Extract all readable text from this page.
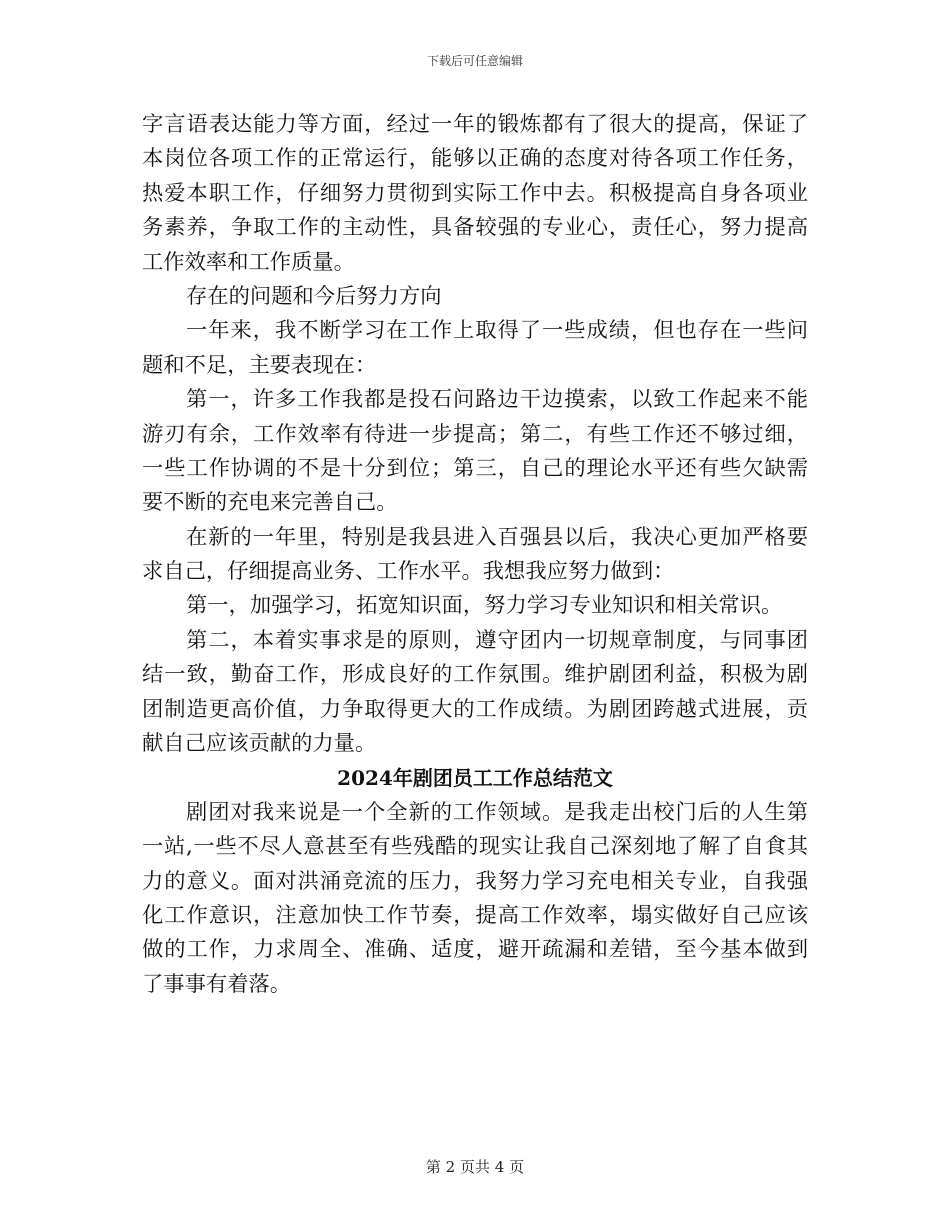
下载后可任意编辑
字言语表达能力等方面，经过一年的锻炼都有了很大的提高，保证了
本岗位各项工作的正常运行，能够以正确的态度对待各项工作任务，
热爱本职工作，仔细努力贯彻到实际工作中去。积极提高自身各项业
务素养，争取工作的主动性，具备较强的专业心，责任心，努力提高
工作效率和工作质量。
存在的问题和今后努力方向
一年来，我不断学习在工作上取得了一些成绩，但也存在一些问
题和不足，主要表现在：
第一，许多工作我都是投石问路边干边摸索，以致工作起来不能
游刃有余，工作效率有待进一步提高；第二，有些工作还不够过细，
一些工作协调的不是十分到位；第三，自己的理论水平还有些欠缺需
要不断的充电来完善自己。
在新的一年里，特别是我县进入百强县以后，我决心更加严格要
求自己，仔细提高业务、工作水平。我想我应努力做到：
第一，加强学习，拓宽知识面，努力学习专业知识和相关常识。
第二，本着实事求是的原则，遵守团内一切规章制度，与同事团
结一致，勤奋工作，形成良好的工作氛围。维护剧团利益，积极为剧
团制造更高价值，力争取得更大的工作成绩。为剧团跨越式进展，贡
献自己应该贡献的力量。
2024年剧团员工工作总结范文
剧团对我来说是一个全新的工作领域。是我走出校门后的人生第
一站,一些不尽人意甚至有些残酷的现实让我自己深刻地了解了自食其
力的意义。面对洪涌竞流的压力，我努力学习充电相关专业，自我强
化工作意识，注意加快工作节奏，提高工作效率，塌实做好自己应该
做的工作，力求周全、准确、适度，避开疏漏和差错，至今基本做到
了事事有着落。
第 2 页共 4 页
